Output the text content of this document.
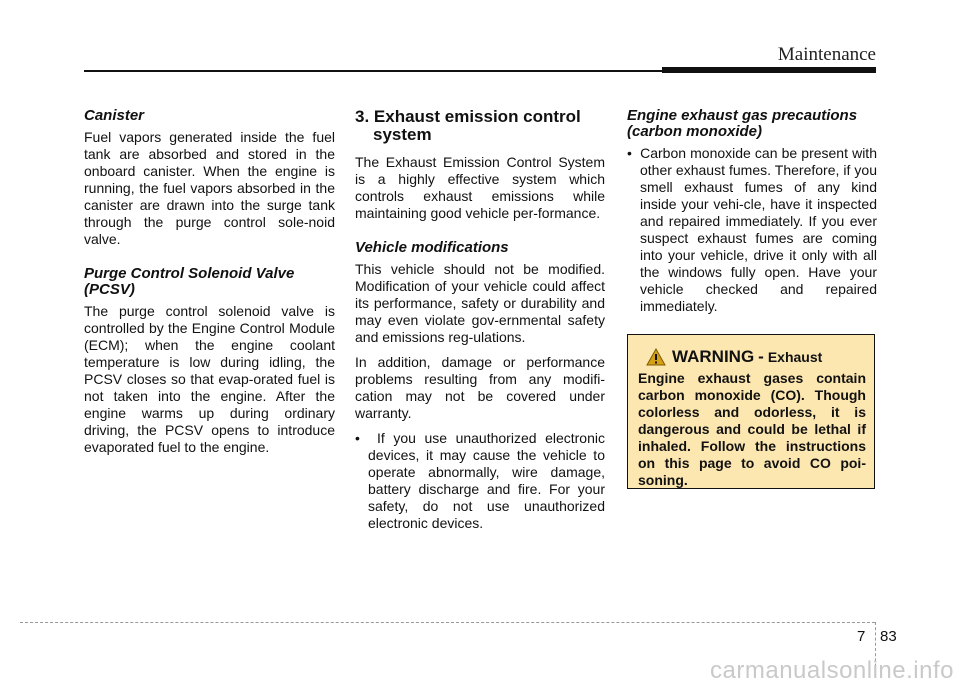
Maintenance

Canister

Fuel vapors generated inside the fuel tank are absorbed and stored in the onboard canister. When the engine is running, the fuel vapors absorbed in the canister are drawn into the surge tank through the purge control sole-noid valve.

Purge Control Solenoid Valve
(PCSV)

The purge control solenoid valve is controlled by the Engine Control Module (ECM); when the engine coolant temperature is low during idling, the PCSV closes so that evap-orated fuel is not taken into the engine. After the engine warms up during ordinary driving, the PCSV opens to introduce evaporated fuel to the engine.

3. Exhaust emission control system

The Exhaust Emission Control System is a highly effective system which controls exhaust emissions while maintaining good vehicle per-formance.

Vehicle modifications

This vehicle should not be modified. Modification of your vehicle could affect its performance, safety or durability and may even violate gov-ernmental safety and emissions reg-ulations.

In addition, damage or performance problems resulting from any modifi-cation may not be covered under warranty.

•  If you use unauthorized electronic devices, it may cause the vehicle to operate abnormally, wire damage, battery discharge and fire. For your safety, do not use unauthorized electronic devices.

Engine exhaust gas precautions
(carbon monoxide)

•  Carbon monoxide can be present with other exhaust fumes. Therefore, if you smell exhaust fumes of any kind inside your vehi-cle, have it inspected and repaired immediately. If you ever suspect exhaust fumes are coming into your vehicle, drive it only with all the windows fully open. Have your vehicle checked and repaired immediately.

WARNING - Exhaust

Engine exhaust gases contain carbon monoxide (CO). Though colorless and odorless, it is dangerous and could be lethal if inhaled. Follow the instructions on this page to avoid CO poi-soning.

7 83
carmanualsonline.info
